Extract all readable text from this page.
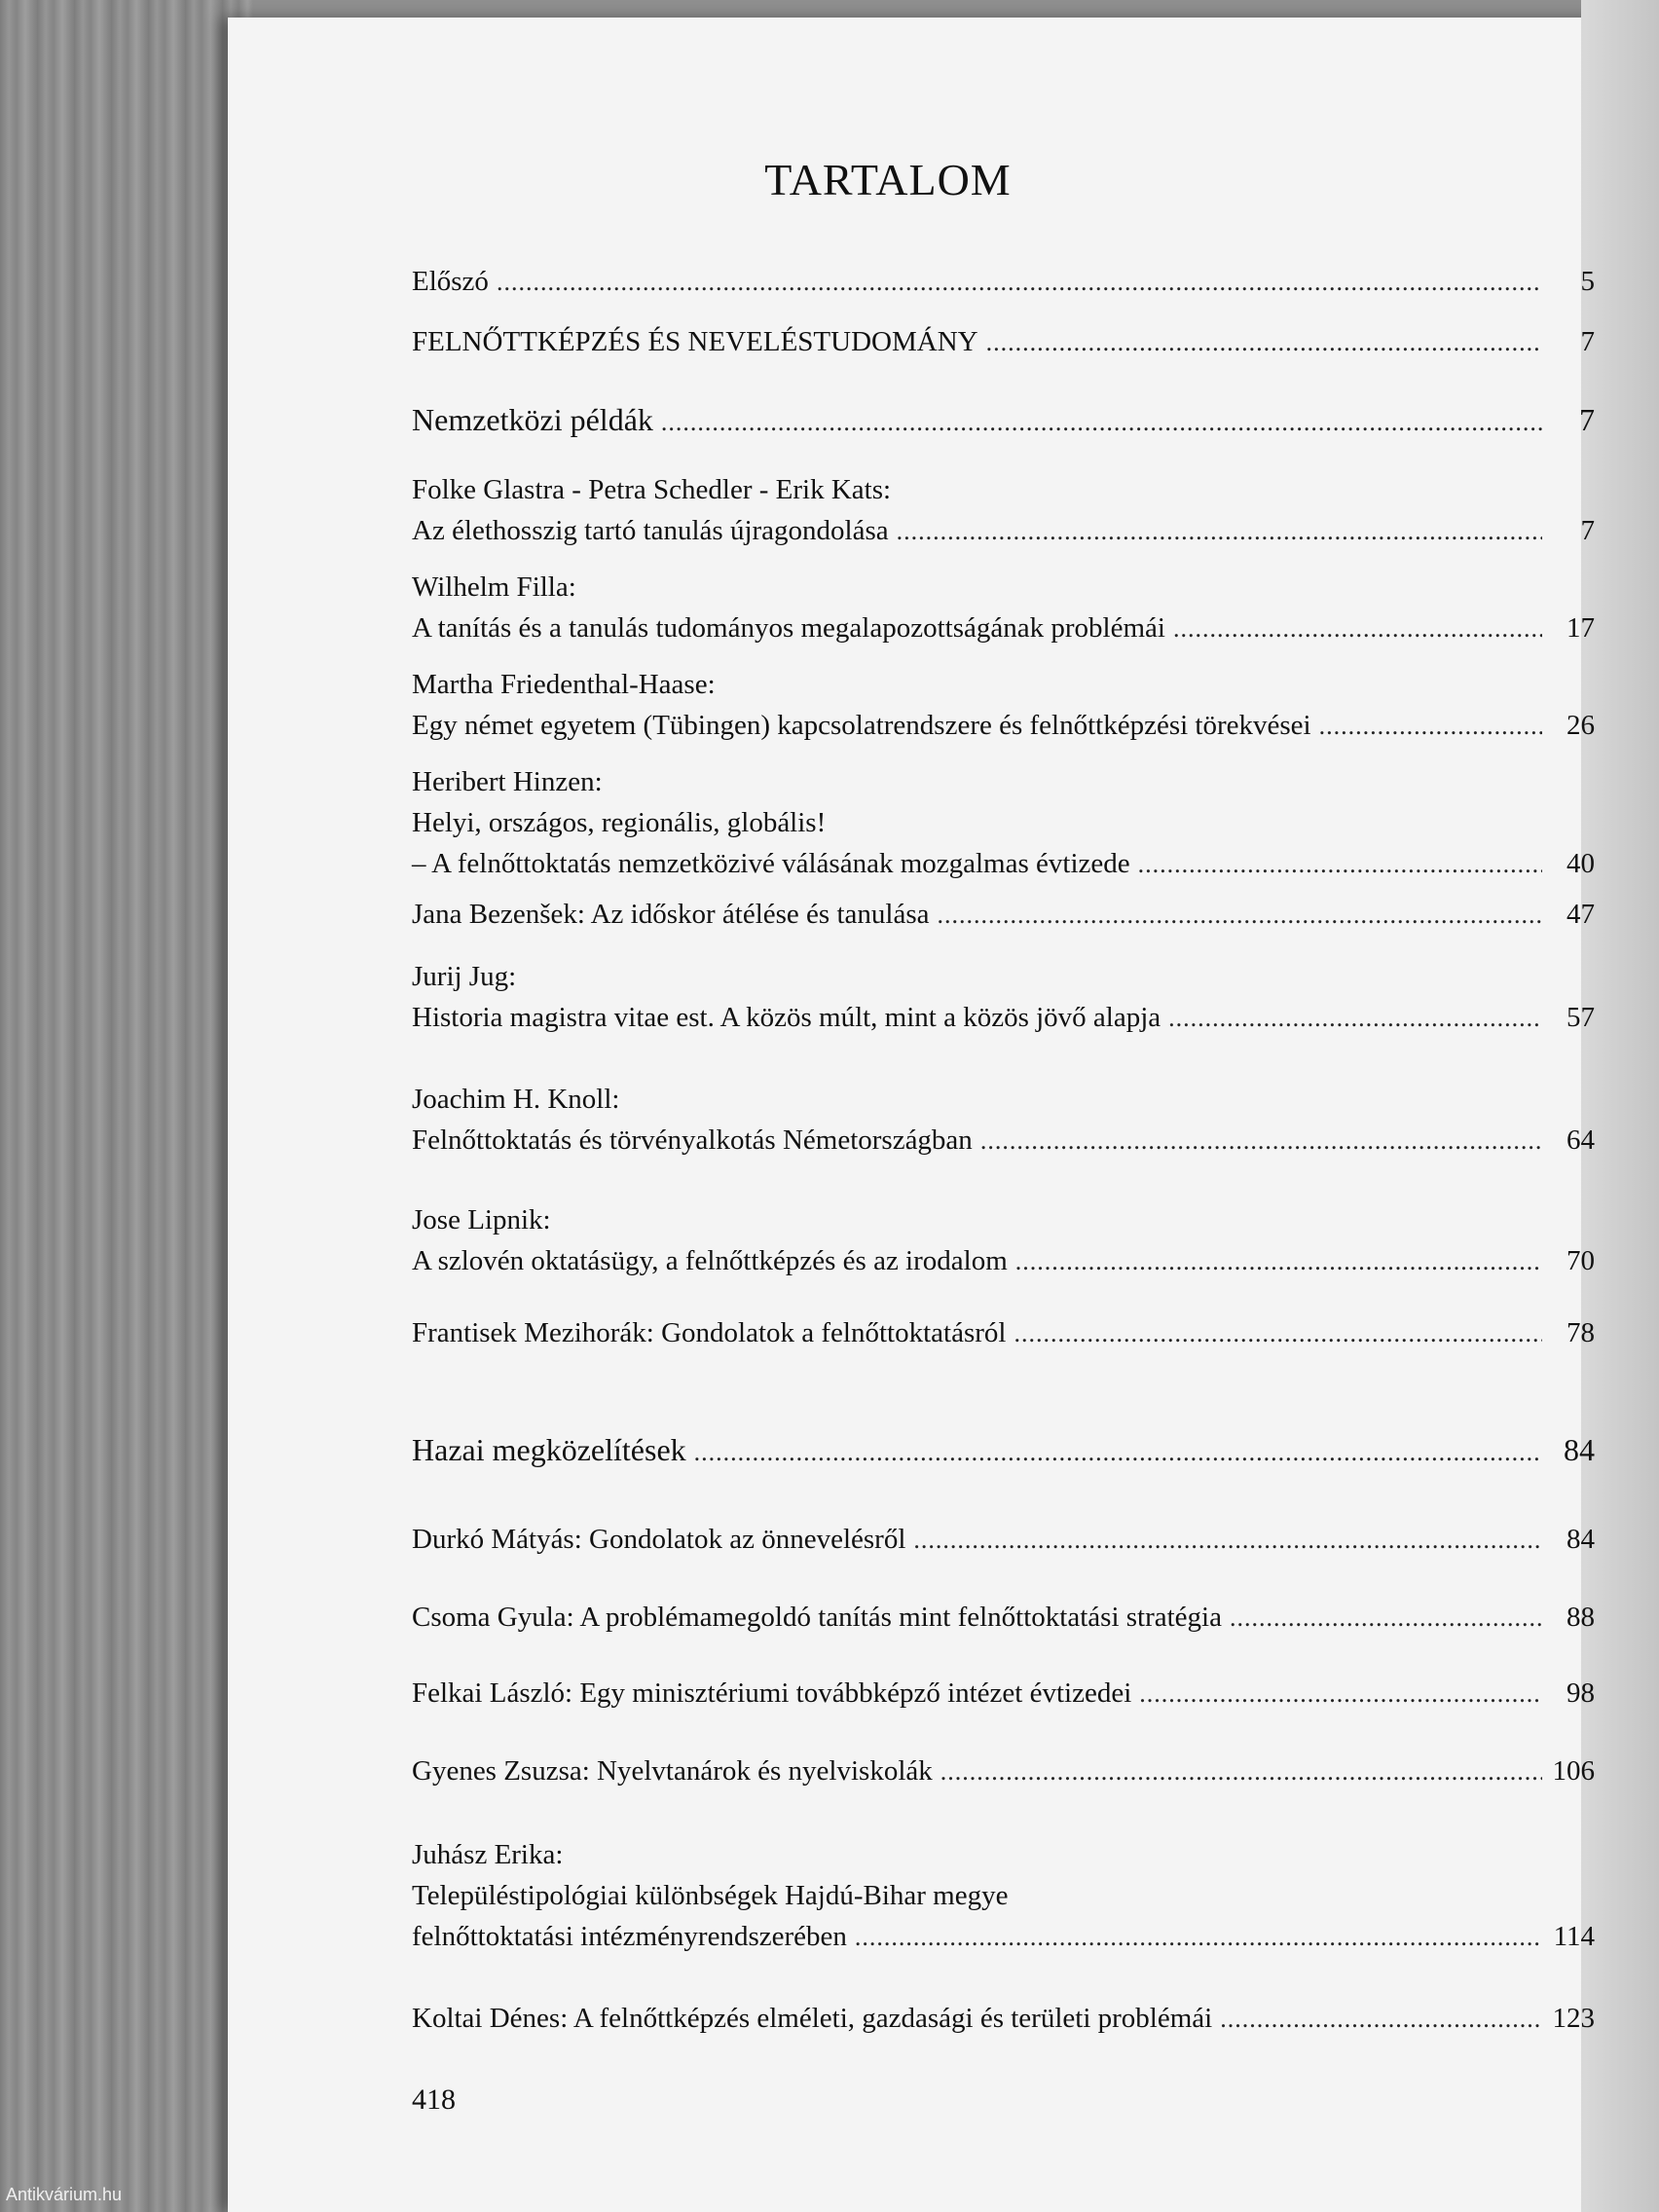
TARTALOM
Előszó .....	5
FELNŐTTKÉPZÉS ÉS NEVELÉSTUDOMÁNY .....	7
Nemzetközi példák .....	7
Folke Glastra - Petra Schedler - Erik Kats:
Az élethosszig tartó tanulás újragondolása .....	7
Wilhelm Filla:
A tanítás és a tanulás tudományos megalapozottságának problémái .....	17
Martha Friedenthal-Haase:
Egy német egyetem (Tübingen) kapcsolatrendszere és felnőttképzési törekvései .....	26
Heribert Hinzen:
Helyi, országos, regionális, globális!
– A felnőttoktatás nemzetközivé válásának mozgalmas évtizede .....	40
Jana Bezenšek: Az időskor átélése és tanulása .....	47
Jurij Jug:
Historia magistra vitae est. A közös múlt, mint a közös jövő alapja .....	57
Joachim H. Knoll:
Felnőttoktatás és törvényalkotás Németországban .....	64
Jose Lipnik:
A szlovén oktatásügy, a felnőttképzés és az irodalom .....	70
Frantisek Mezihorák: Gondolatok a felnőttoktatásról .....	78
Hazai megközelítések .....	84
Durkó Mátyás: Gondolatok az önnevelésről .....	84
Csoma Gyula: A problémamegoldó tanítás mint felnőttoktatási stratégia .....	88
Felkai László: Egy minisztériumi továbbképző intézet évtizedei .....	98
Gyenes Zsuzsa: Nyelvtanárok és nyelviskolák .....	106
Juhász Erika:
Településtipológiai különbségek Hajdú-Bihar megye
felnőttoktatási intézményrendszerében .....	114
Koltai Dénes: A felnőttképzés elméleti, gazdasági és területi problémái .....	123
418
Antikvárium.hu
